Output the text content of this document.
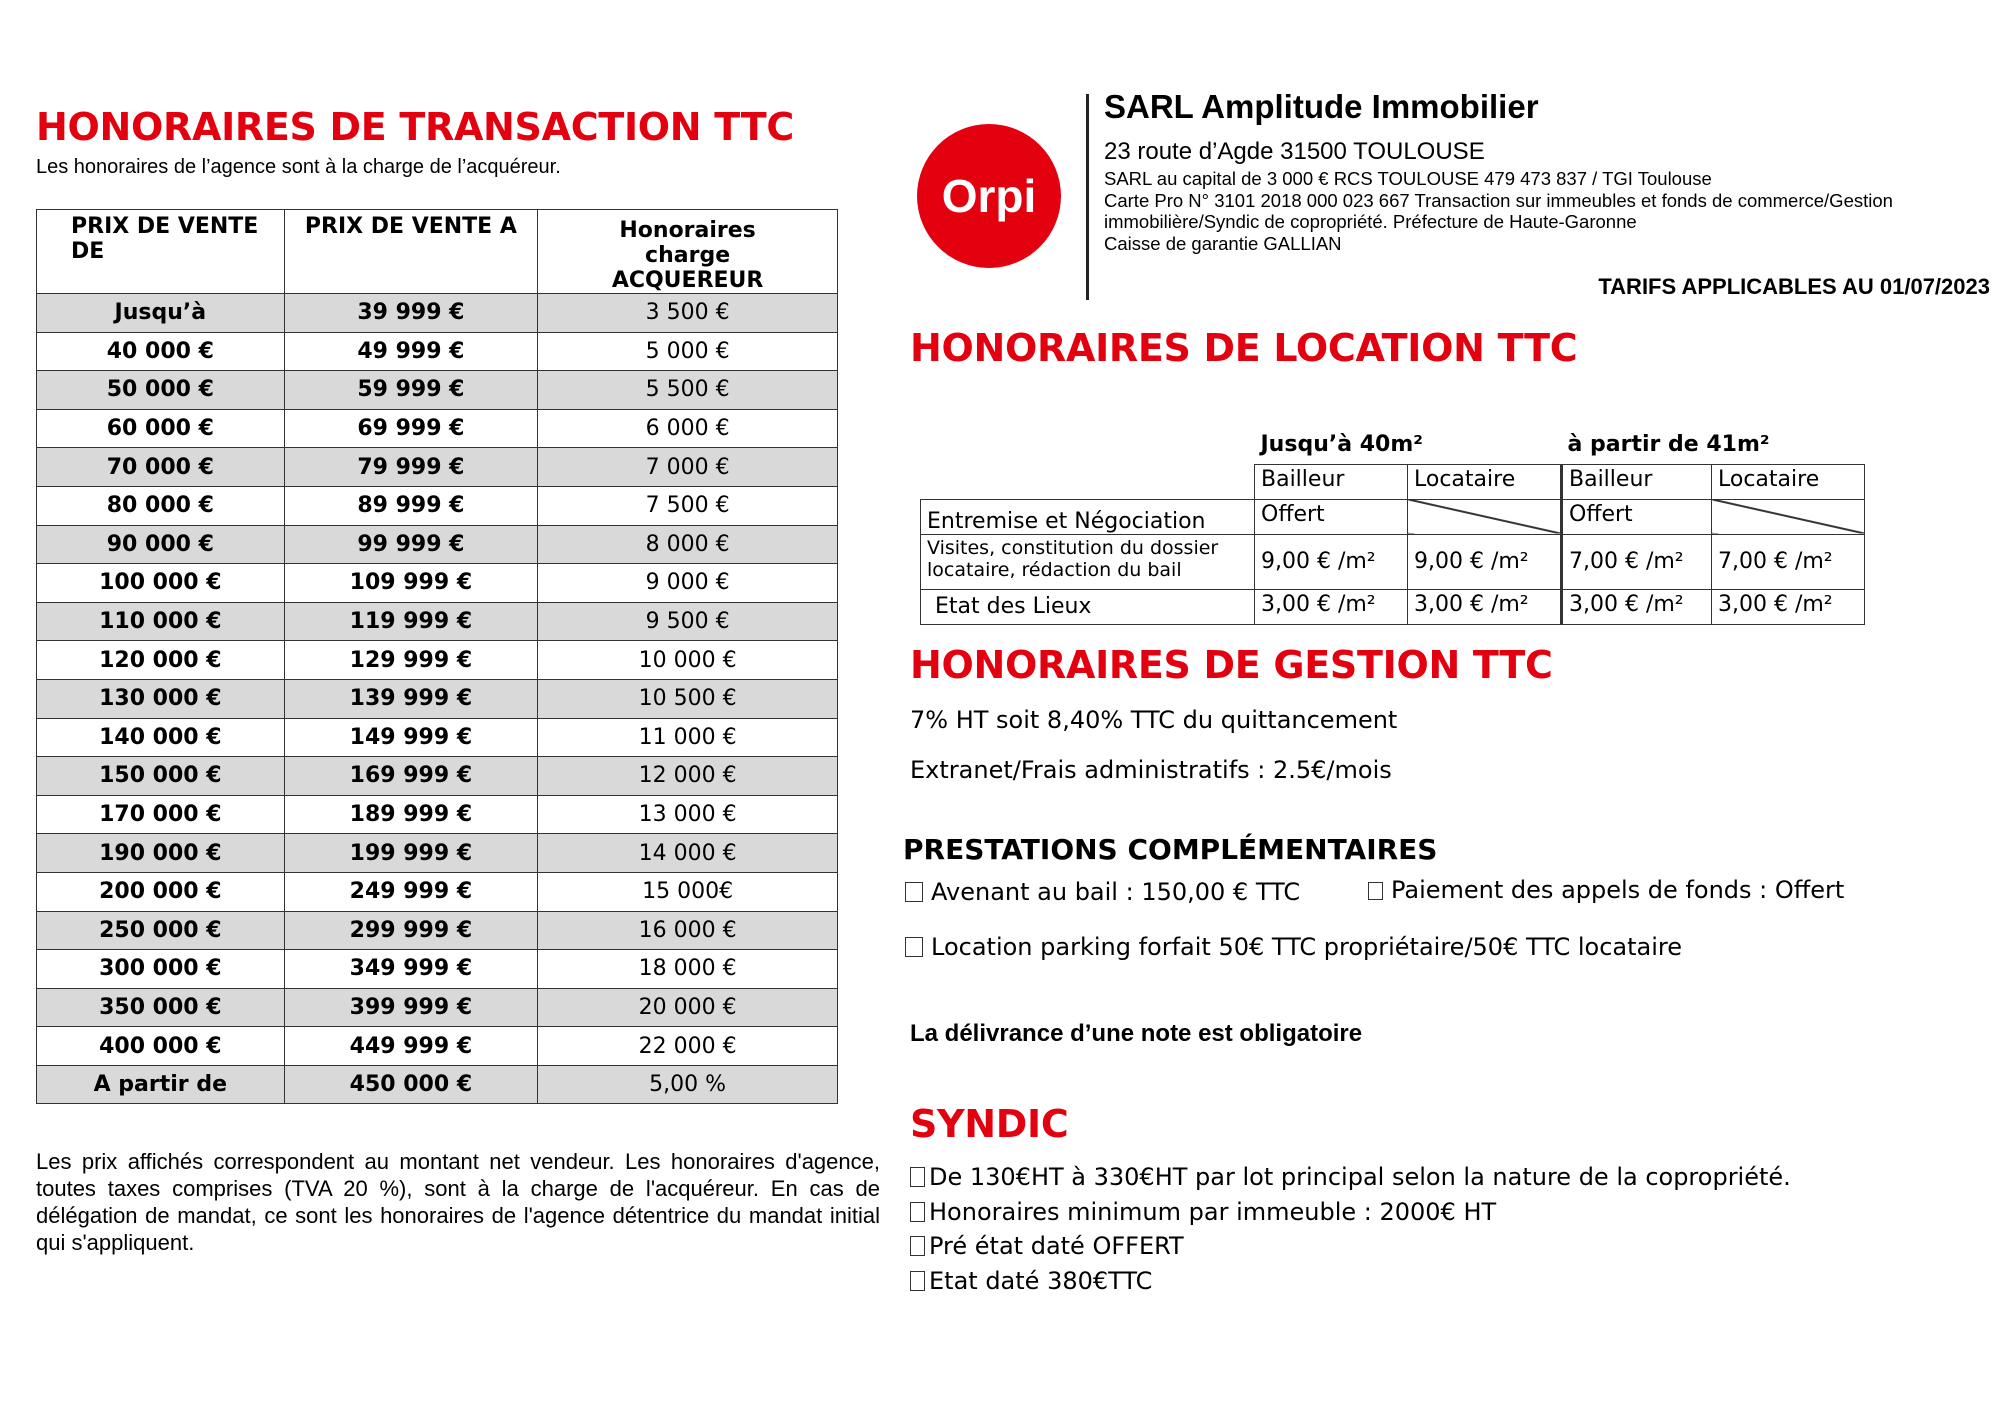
HONORAIRES DE TRANSACTION TTC
Les honoraires de l’agence sont à la charge de l’acquéreur.
PRIX DE VENTE DE	PRIX DE VENTE A	Honoraires charge ACQUEREUR
Jusqu’à	39 999 €	3 500 €
40 000 €	49 999 €	5 000 €
50 000 €	59 999 €	5 500 €
60 000 €	69 999 €	6 000 €
70 000 €	79 999 €	7 000 €
80 000 €	89 999 €	7 500 €
90 000 €	99 999 €	8 000 €
100 000 €	109 999 €	9 000 €
110 000 €	119 999 €	9 500 €
120 000 €	129 999 €	10 000 €
130 000 €	139 999 €	10 500 €
140 000 €	149 999 €	11 000 €
150 000 €	169 999 €	12 000 €
170 000 €	189 999 €	13 000 €
190 000 €	199 999 €	14 000 €
200 000 €	249 999 €	15 000€
250 000 €	299 999 €	16 000 €
300 000 €	349 999 €	18 000 €
350 000 €	399 999 €	20 000 €
400 000 €	449 999 €	22 000 €
A partir de	450 000 €	5,00 %
Les prix affichés correspondent au montant net vendeur. Les honoraires d'agence, toutes taxes comprises (TVA 20 %), sont à la charge de l'acquéreur. En cas de délégation de mandat, ce sont les honoraires de l'agence détentrice du mandat initial qui s'appliquent.
Orpi
SARL Amplitude Immobilier
23 route d’Agde 31500 TOULOUSE
SARL au capital de 3 000 € RCS TOULOUSE 479 473 837 / TGI Toulouse
Carte Pro N° 3101 2018 000 023 667 Transaction sur immeubles et fonds de commerce/Gestion
immobilière/Syndic de copropriété. Préfecture de Haute-Garonne
Caisse de garantie GALLIAN
TARIFS APPLICABLES AU 01/07/2023
HONORAIRES DE LOCATION TTC
	Jusqu’à 40m²		à partir de 41m²	
	Bailleur	Locataire	Bailleur	Locataire
Entremise et Négociation	Offert		Offert	
Visites, constitution du dossier locataire, rédaction du bail	9,00 € /m²	9,00 € /m²	7,00 € /m²	7,00 € /m²
Etat des Lieux	3,00 € /m²	3,00 € /m²	3,00 € /m²	3,00 € /m²
HONORAIRES DE GESTION TTC
7% HT soit 8,40% TTC du quittancement
Extranet/Frais administratifs : 2.5€/mois
PRESTATIONS COMPLÉMENTAIRES
Avenant au bail : 150,00 € TTC	Paiement des appels de fonds : Offert
Location parking forfait 50€ TTC propriétaire/50€ TTC locataire
La délivrance d’une note est obligatoire
SYNDIC
De 130€HT à 330€HT par lot principal selon la nature de la copropriété.
Honoraires minimum par immeuble : 2000€ HT
Pré état daté OFFERT
Etat daté 380€TTC
